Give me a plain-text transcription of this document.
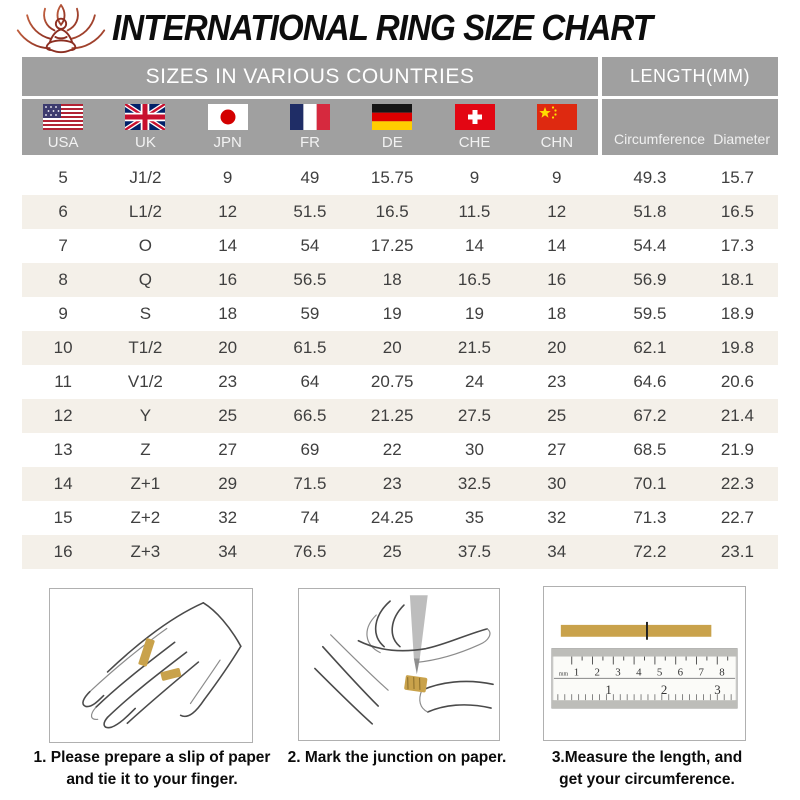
INTERNATIONAL RING SIZE CHART
SIZES IN VARIOUS COUNTRIES	LENGTH(MM)
USA	UK	JPN	FR	DE	CHE	CHN	Circumference Diameter
5	J1/2	9	49	15.75	9	9	49.3	15.7
6	L1/2	12	51.5	16.5	11.5	12	51.8	16.5
7	O	14	54	17.25	14	14	54.4	17.3
8	Q	16	56.5	18	16.5	16	56.9	18.1
9	S	18	59	19	19	18	59.5	18.9
10	T1/2	20	61.5	20	21.5	20	62.1	19.8
11	V1/2	23	64	20.75	24	23	64.6	20.6
12	Y	25	66.5	21.25	27.5	25	67.2	21.4
13	Z	27	69	22	30	27	68.5	21.9
14	Z+1	29	71.5	23	32.5	30	70.1	22.3
15	Z+2	32	74	24.25	35	32	71.3	22.7
16	Z+3	34	76.5	25	37.5	34	72.2	23.1
mm 1 2 3 4 5 6 7 8
1	2	3
1. Please prepare a slip of paper
and tie it to your finger.
2. Mark the junction on paper.	3.Measure the length, and
get your circumference.
